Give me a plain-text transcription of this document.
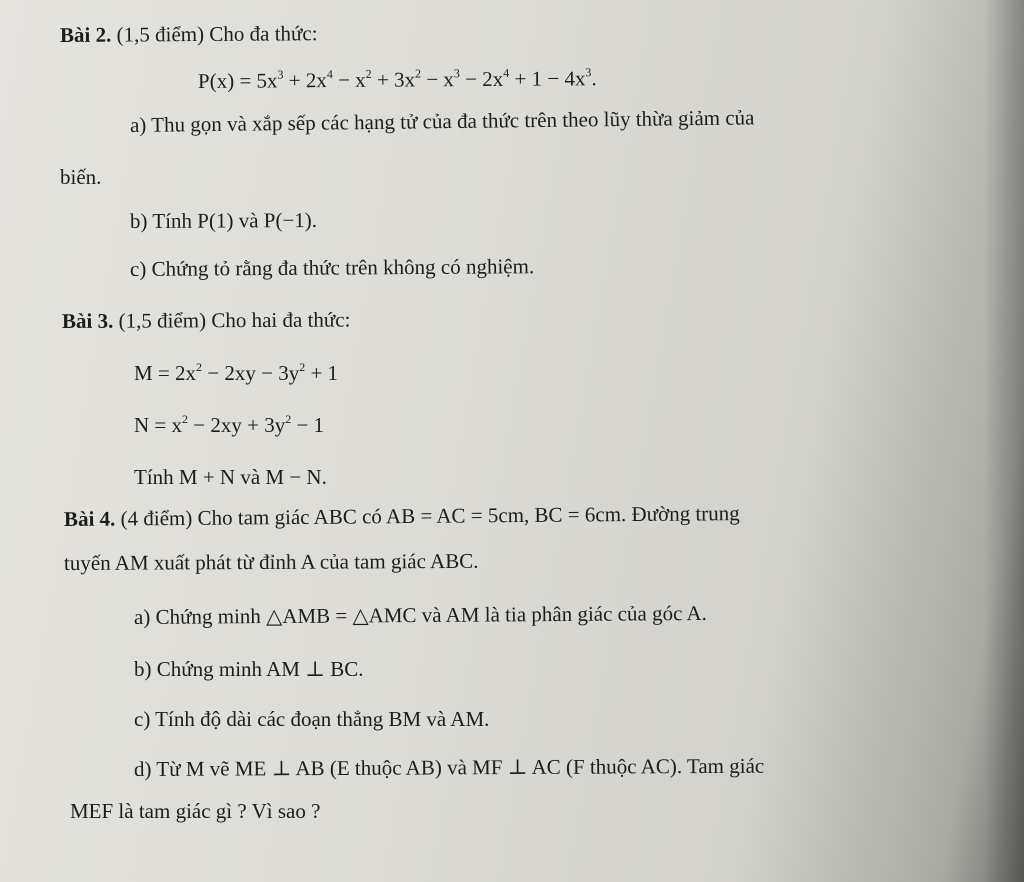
Bài 2. (1,5 điểm) Cho đa thức:
$P(x) = 5x^3 + 2x^4 - x^2 + 3x^2 - x^3 - 2x^4 + 1 - 4x^3$.
a) Thu gọn và xắp sếp các hạng tử của đa thức trên theo lũy thừa giảm của
biến.
b) Tính P(1) và P(−1).
c) Chứng tỏ rằng đa thức trên không có nghiệm.
Bài 3. (1,5 điểm) Cho hai đa thức:
$M = 2x^2 - 2xy - 3y^2 + 1$
$N = x^2 - 2xy + 3y^2 - 1$
Tính M + N và M − N.
Bài 4. (4 điểm) Cho tam giác ABC có AB = AC = 5cm, BC = 6cm. Đường trung
tuyến AM xuất phát từ đỉnh A của tam giác ABC.
a) Chứng minh △AMB = △AMC và AM là tia phân giác của góc A.
b) Chứng minh AM ⊥ BC.
c) Tính độ dài các đoạn thẳng BM và AM.
d) Từ M vẽ ME ⊥ AB (E thuộc AB) và MF ⊥ AC (F thuộc AC). Tam giác
MEF là tam giác gì ? Vì sao ?
